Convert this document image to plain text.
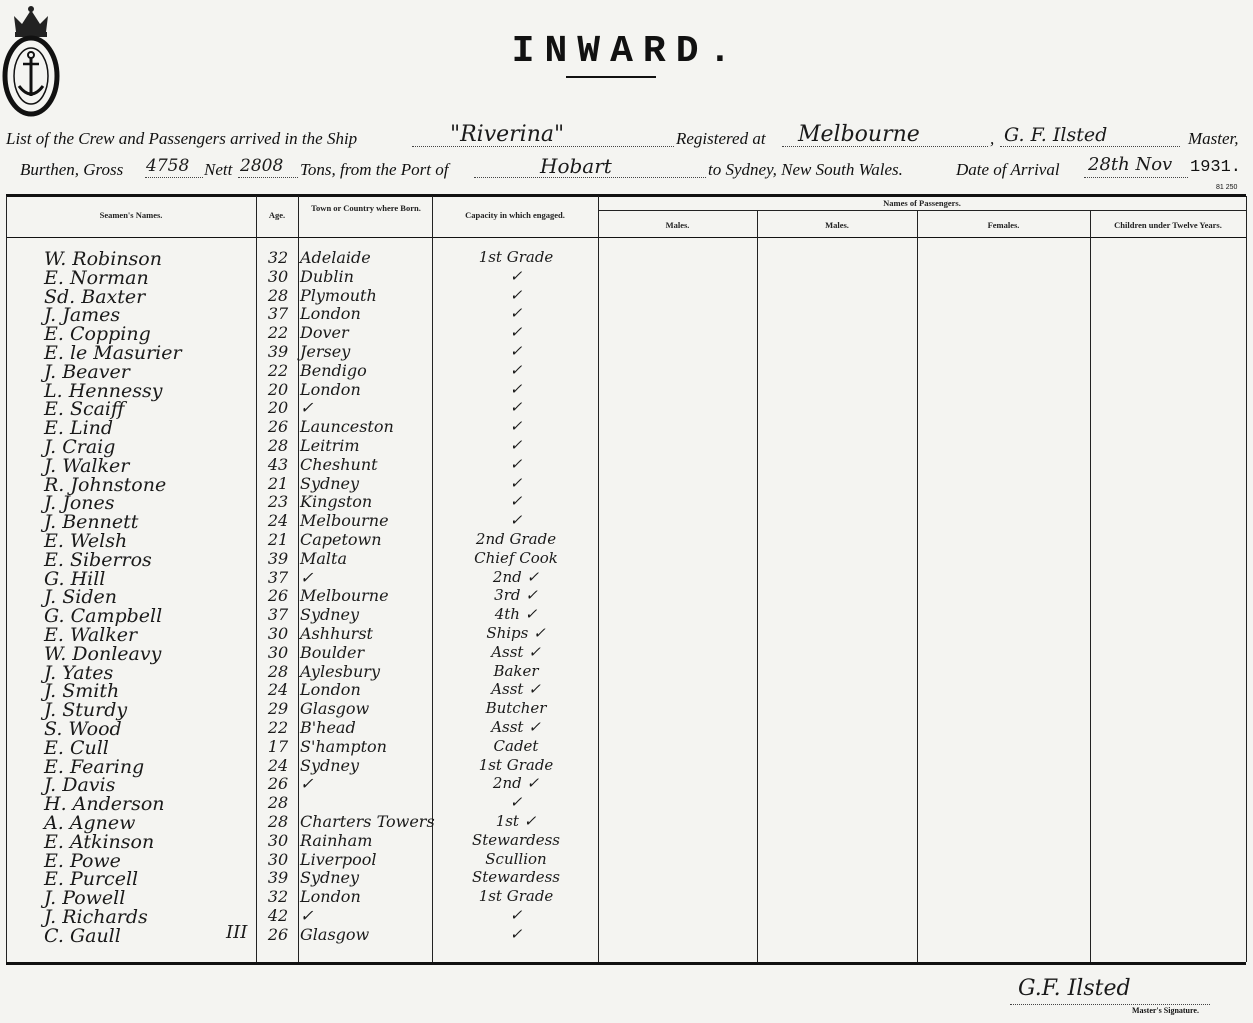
INWARD.
List of the Crew and Passengers arrived in the Ship	"Riverina"	Registered at Melbourne	, G. F. Ilsted	Master,
Burthen, Gross 4758 Nett 2808 Tons, from the Port of	Hobart	to Sydney, New South Wales.	Date of Arrival 28th Nov 1931.
81 250
Seamen's Names.	Age.
Town or Country where Born.
Capacity in which engaged.
Names of Passengers.
Males.	Males.	Females.	Children under Twelve Years.
W. Robinson	32 Adelaide	1st Grade
E. Norman	30 Dublin	✓
Sd. Baxter	28 Plymouth	✓
J. James	37 London	✓
E. Copping	22 Dover	✓
E. le Masurier	39 Jersey	✓
J. Beaver	22 Bendigo	✓
L. Hennessy	20 London	✓
E. Scaiff	20 ✓	✓
E. Lind	26 Launceston	✓
J. Craig	28 Leitrim	✓
J. Walker	43 Cheshunt	✓
R. Johnstone	21 Sydney	✓
J. Jones	23 Kingston	✓
J. Bennett	24 Melbourne	✓
E. Welsh	21 Capetown	2nd Grade
E. Siberros	39 Malta	Chief Cook
G. Hill	37 ✓	2nd ✓
J. Siden	26 Melbourne	3rd ✓
G. Campbell	37 Sydney	4th ✓
E. Walker	30 Ashhurst	Ships ✓
W. Donleavy	30 Boulder	Asst ✓
J. Yates	28 Aylesbury	Baker
J. Smith	24 London	Asst ✓
J. Sturdy	29 Glasgow	Butcher
S. Wood	22 B'head	Asst ✓
E. Cull	17 S'hampton	Cadet
E. Fearing	24 Sydney	1st Grade
J. Davis	26 ✓	2nd ✓
H. Anderson	28	✓
A. Agnew	28 Charters Towers	1st ✓
E. Atkinson	30 Rainham	Stewardess
E. Powe	30 Liverpool	Scullion
E. Purcell	39 Sydney	Stewardess
J. Powell	32 London	1st Grade
J. Richards	42 ✓	✓
C. Gaull	26 Glasgow	✓
III
G.F. Ilsted
Master's Signature.
